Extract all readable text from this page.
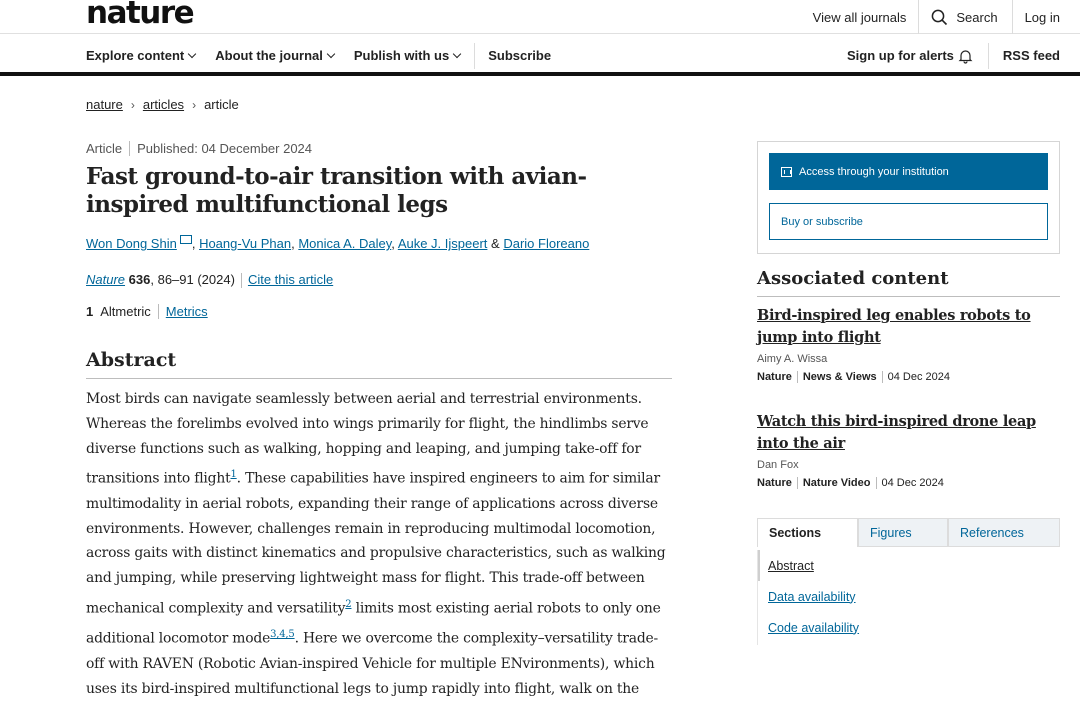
nature	View all journals	Search	Log in
Explore content About the journal Publish with us	Subscribe	Sign up for alerts	RSS feed
nature › articles › article
Article Published: 04 December 2024
Fast ground-to-air transition with avian-inspired multifunctional legs
Won Dong Shin , Hoang-Vu Phan, Monica A. Daley, Auke J. Ijspeert & Dario Floreano
Nature 636, 86–91 (2024) Cite this article
1 Altmetric Metrics
Abstract
Most birds can navigate seamlessly between aerial and terrestrial environments. Whereas the forelimbs evolved into wings primarily for flight, the hindlimbs serve diverse functions such as walking, hopping and leaping, and jumping take-off for transitions into flight$^1$. These capabilities have inspired engineers to aim for similar multimodality in aerial robots, expanding their range of applications across diverse environments. However, challenges remain in reproducing multimodal locomotion, across gaits with distinct kinematics and propulsive characteristics, such as walking and jumping, while preserving lightweight mass for flight. This trade-off between mechanical complexity and versatility$^2$ limits most existing aerial robots to only one additional locomotor mode$^{3,4,5}$. Here we overcome the complexity–versatility trade-off with RAVEN (Robotic Avian-inspired Vehicle for multiple ENvironments), which uses its bird-inspired multifunctional legs to jump rapidly into flight, walk on the
Access through your institution
Buy or subscribe
Associated content
Bird-inspired leg enables robots to jump into flight
Aimy A. Wissa
Nature News & Views 04 Dec 2024
Watch this bird-inspired drone leap into the air
Dan Fox
Nature Nature Video 04 Dec 2024
Sections	Figures	References
Abstract
Data availability
Code availability
